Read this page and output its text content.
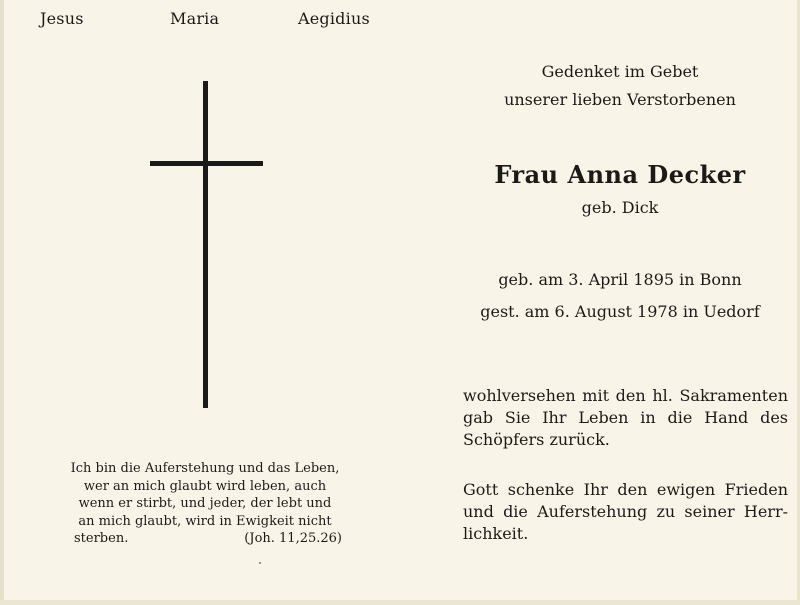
Jesus	Maria	Aegidius
Ich bin die Auferstehung und das Leben,
wer an mich glaubt wird leben, auch
wenn er stirbt, und jeder, der lebt und
an mich glaubt, wird in Ewigkeit nicht
sterben.	(Joh. 11,25.26)
Gedenket im Gebet
unserer lieben Verstorbenen
Frau Anna Decker
geb. Dick
geb. am 3. April 1895 in Bonn
gest. am 6. August 1978 in Uedorf
wohlversehen mit den hl. Sakramenten
gab Sie Ihr Leben in die Hand des
Schöpfers zurück.
Gott schenke Ihr den ewigen Frieden
und die Auferstehung zu seiner Herr-
lichkeit.
